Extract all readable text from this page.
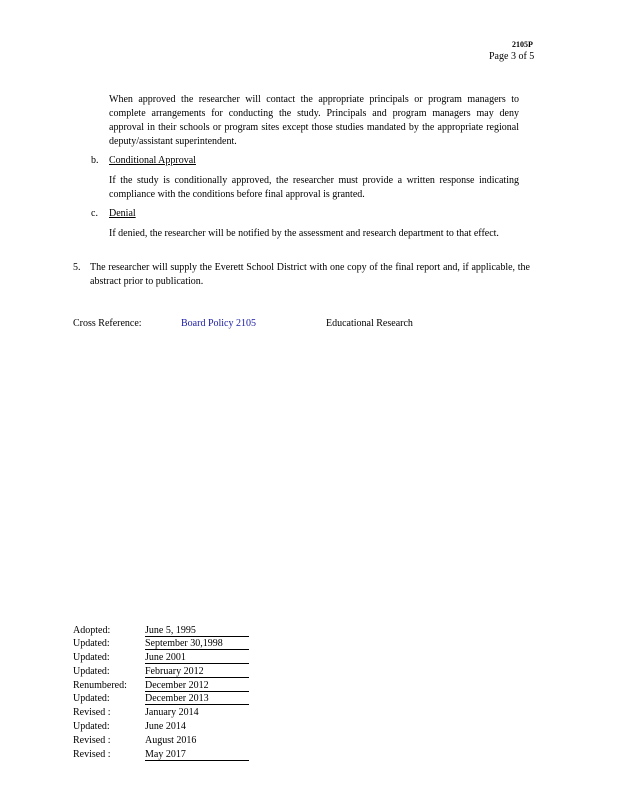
2105P
Page 3 of 5
When approved the researcher will contact the appropriate principals or program managers to complete arrangements for conducting the study. Principals and program managers may deny approval in their schools or program sites except those studies mandated by the appropriate regional deputy/assistant superintendent.
b. Conditional Approval
If the study is conditionally approved, the researcher must provide a written response indicating compliance with the conditions before final approval is granted.
c. Denial
If denied, the researcher will be notified by the assessment and research department to that effect.
5. The researcher will supply the Everett School District with one copy of the final report and, if applicable, the abstract prior to publication.
Cross Reference:	Board Policy 2105	Educational Research
Adopted:	June 5, 1995
Updated:	September 30,1998
Updated:	June 2001
Updated:	February 2012
Renumbered:	December 2012
Updated:	December 2013
Revised :	January 2014
Updated:	June 2014
Revised :	August 2016
Revised :	May 2017
